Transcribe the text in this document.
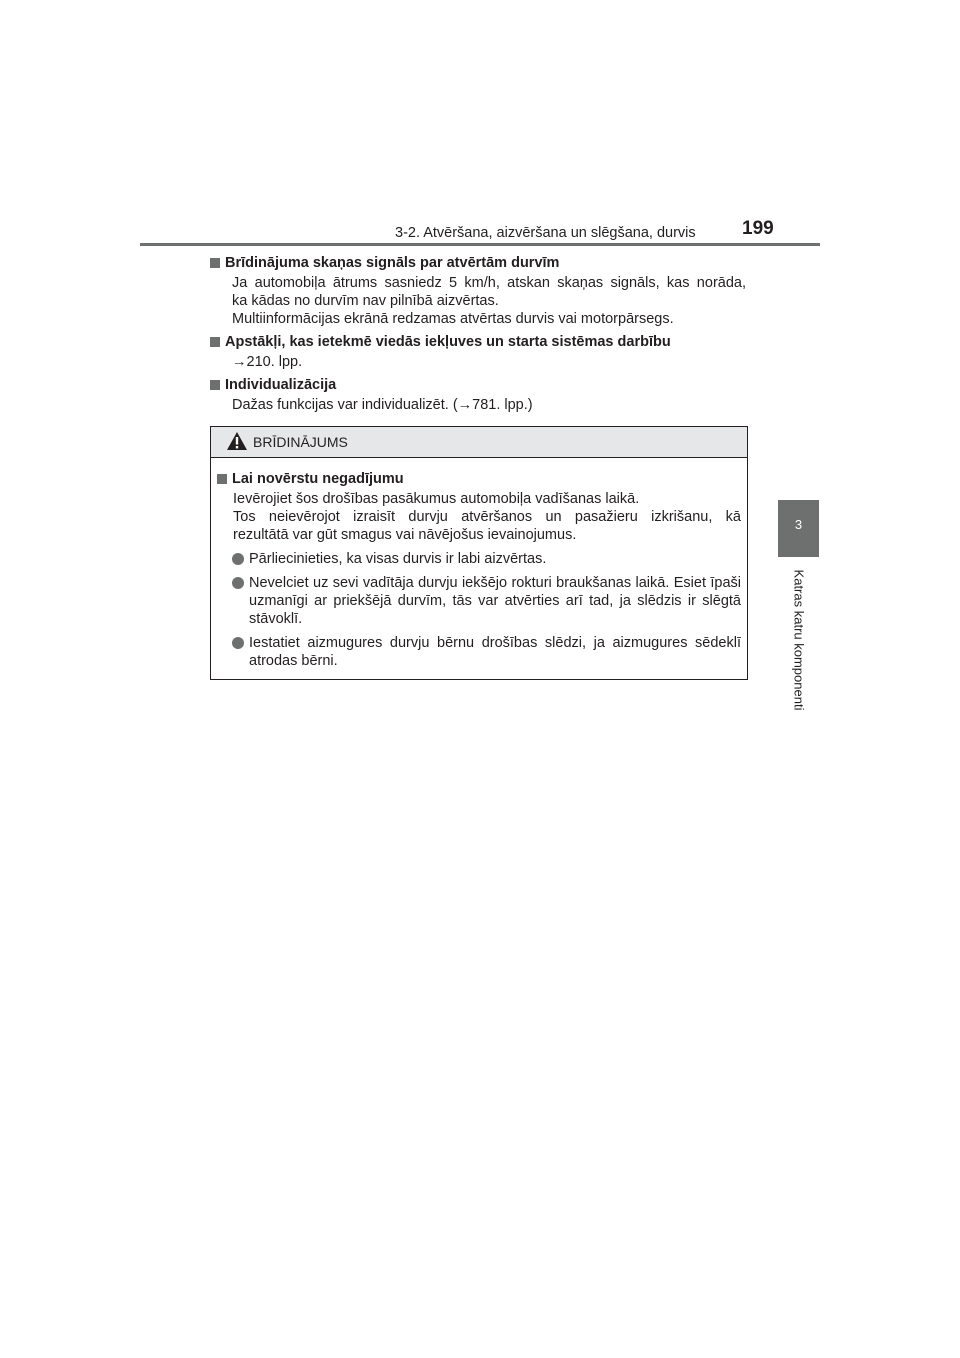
3-2. Atvēršana, aizvēršana un slēgšana, durvis 199
3
Katras katru komponenti
Brīdinājuma skaņas signāls par atvērtām durvīm

Ja automobiļa ātrums sasniedz 5 km/h, atskan skaņas signāls, kas norāda,

ka kādas no durvīm nav pilnībā aizvērtas.

Multiinformācijas ekrānā redzamas atvērtas durvis vai motorpārsegs.

Apstākļi, kas ietekmē viedās iekļuves un starta sistēmas darbību

→210. lpp.

Individualizācija

Dažas funkcijas var individualizēt. (→781. lpp.)

BRĪDINĀJUMS
Lai novērstu negadījumu

Ievērojiet šos drošības pasākumus automobiļa vadīšanas laikā.

Tos neievērojot izraisīt durvju atvēršanos un pasažieru izkrišanu, kā

rezultātā var gūt smagus vai nāvējošus ievainojumus.

Pārliecinieties, ka visas durvis ir labi aizvērtas.
Nevelciet uz sevi vadītāja durvju iekšējo rokturi braukšanas laikā. Esiet īpaši uzmanīgi ar priekšējā durvīm, tās var atvērties arī tad, ja slēdzis ir slēgtā stāvoklī.
Iestatiet aizmugures durvju bērnu drošības slēdzi, ja aizmugures sēdeklī atrodas bērni.
